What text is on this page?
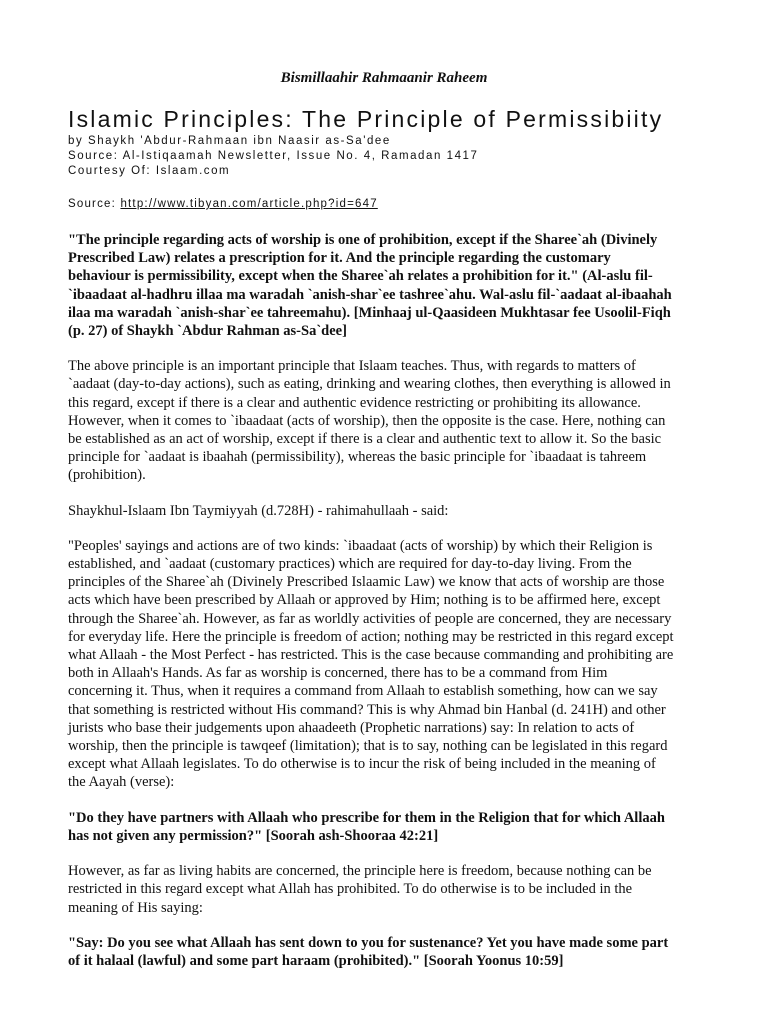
Bismillaahir Rahmaanir Raheem
Islamic Principles: The Principle of Permissibiity
by Shaykh 'Abdur-Rahmaan ibn Naasir as-Sa'dee
Source: Al-Istiqaamah Newsletter, Issue No. 4, Ramadan 1417
Courtesy Of: Islaam.com
Source: http://www.tibyan.com/article.php?id=647

"The principle regarding acts of worship is one of prohibition, except if the Sharee`ah (Divinely
Prescribed Law) relates a prescription for it. And the principle regarding the customary
behaviour is permissibility, except when the Sharee`ah relates a prohibition for it." (Al-aslu fil-
`ibaadaat al-hadhru illaa ma waradah `anish-shar`ee tashree`ahu. Wal-aslu fil-`aadaat al-ibaahah
ilaa ma waradah `anish-shar`ee tahreemahu). [Minhaaj ul-Qaasideen Mukhtasar fee Usoolil-Fiqh
(p. 27) of Shaykh `Abdur Rahman as-Sa`dee]

The above principle is an important principle that Islaam teaches. Thus, with regards to matters of
`aadaat (day-to-day actions), such as eating, drinking and wearing clothes, then everything is allowed in
this regard, except if there is a clear and authentic evidence restricting or prohibiting its allowance.
However, when it comes to `ibaadaat (acts of worship), then the opposite is the case. Here, nothing can
be established as an act of worship, except if there is a clear and authentic text to allow it. So the basic
principle for `aadaat is ibaahah (permissibility), whereas the basic principle for `ibaadaat is tahreem
(prohibition).

Shaykhul-Islaam Ibn Taymiyyah (d.728H) - rahimahullaah - said:

"Peoples' sayings and actions are of two kinds: `ibaadaat (acts of worship) by which their Religion is
established, and `aadaat (customary practices) which are required for day-to-day living. From the
principles of the Sharee`ah (Divinely Prescribed Islaamic Law) we know that acts of worship are those
acts which have been prescribed by Allaah or approved by Him; nothing is to be affirmed here, except
through the Sharee`ah. However, as far as worldly activities of people are concerned, they are necessary
for everyday life. Here the principle is freedom of action; nothing may be restricted in this regard except
what Allaah - the Most Perfect - has restricted. This is the case because commanding and prohibiting are
both in Allaah's Hands. As far as worship is concerned, there has to be a command from Him
concerning it. Thus, when it requires a command from Allaah to establish something, how can we say
that something is restricted without His command? This is why Ahmad bin Hanbal (d. 241H) and other
jurists who base their judgements upon ahaadeeth (Prophetic narrations) say: In relation to acts of
worship, then the principle is tawqeef (limitation); that is to say, nothing can be legislated in this regard
except what Allaah legislates. To do otherwise is to incur the risk of being included in the meaning of
the Aayah (verse):

"Do they have partners with Allaah who prescribe for them in the Religion that for which Allaah
has not given any permission?" [Soorah ash-Shooraa 42:21]

However, as far as living habits are concerned, the principle here is freedom, because nothing can be
restricted in this regard except what Allah has prohibited. To do otherwise is to be included in the
meaning of His saying:

"Say: Do you see what Allaah has sent down to you for sustenance? Yet you have made some part
of it halaal (lawful) and some part haraam (prohibited)." [Soorah Yoonus 10:59]
